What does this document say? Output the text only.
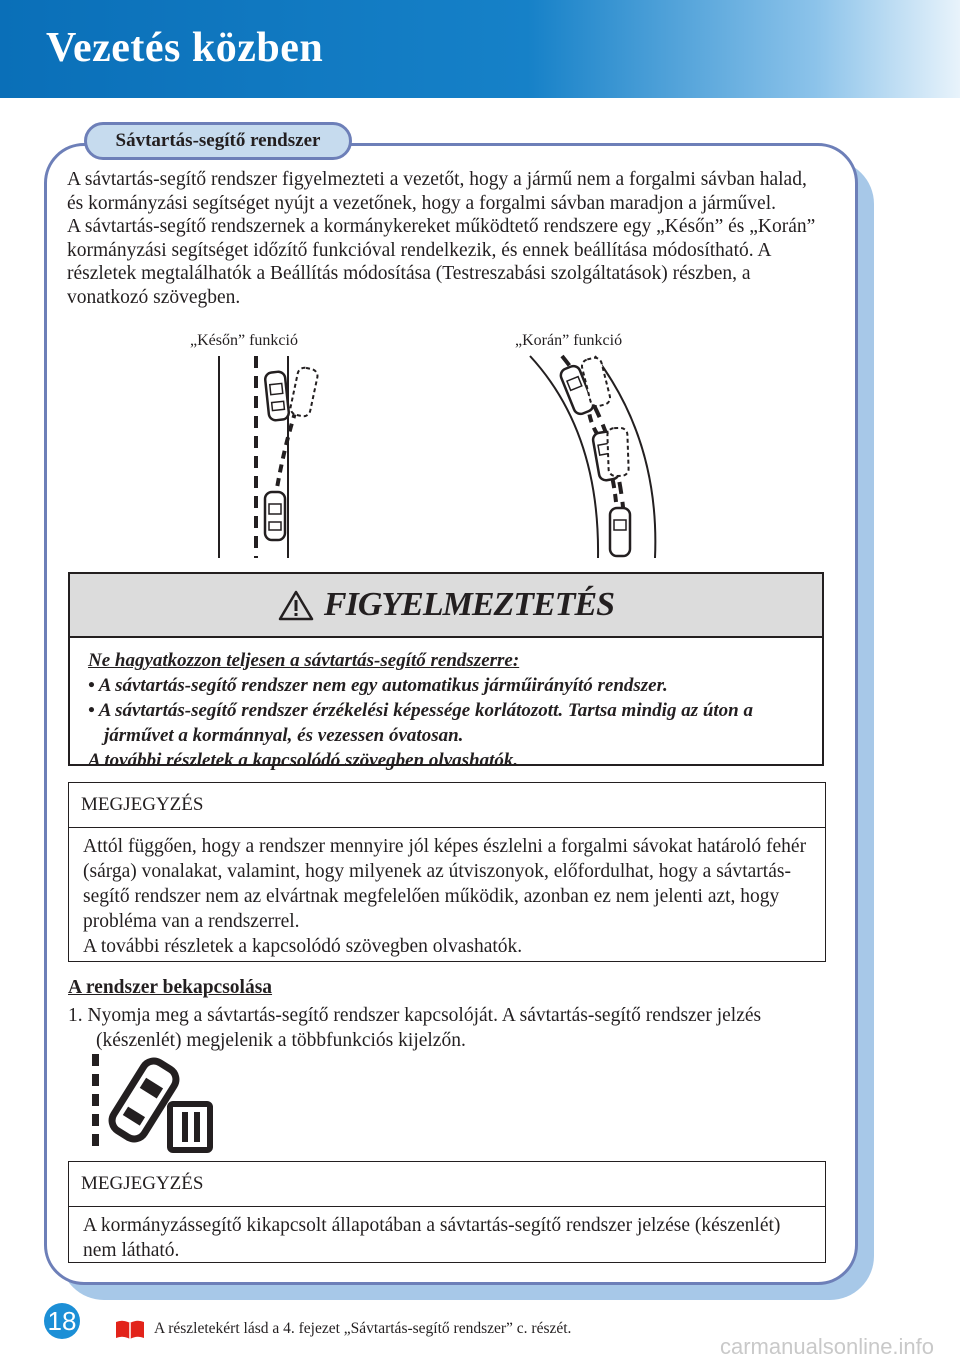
Vezetés közben
Sávtartás-segítő rendszer

A sávtartás-segítő rendszer figyelmezteti a vezetőt, hogy a jármű nem a forgalmi sávban halad, és kormányzási segítséget nyújt a vezetőnek, hogy a forgalmi sávban maradjon a járművel.

A sávtartás-segítő rendszernek a kormánykereket működtető rendszere egy „Későn” és „Korán” kormányzási segítséget időzítő funkcióval rendelkezik, és ennek beállítása módosítható. A részletek megtalálhatók a Beállítás módosítása (Testreszabási szolgáltatások) részben, a vonatkozó szövegben.

„Későn” funkció	„Korán” funkció
FIGYELMEZTETÉS
Ne hagyatkozzon teljesen a sávtartás-segítő rendszerre:
• A sávtartás-segítő rendszer nem egy automatikus járműirányító rendszer.
• A sávtartás-segítő rendszer érzékelési képessége korlátozott. Tartsa mindig az úton a járművet a kormánnyal, és vezessen óvatosan.
A további részletek a kapcsolódó szövegben olvashatók.
MEGJEGYZÉS

Attól függően, hogy a rendszer mennyire jól képes észlelni a forgalmi sávokat határoló fehér (sárga) vonalakat, valamint, hogy milyenek az útviszonyok, előfordulhat, hogy a sávtartás-segítő rendszer nem az elvártnak megfelelően működik, azonban ez nem jelenti azt, hogy probléma van a rendszerrel.

A további részletek a kapcsolódó szövegben olvashatók.

A rendszer bekapcsolása
1. Nyomja meg a sávtartás-segítő rendszer kapcsolóját. A sávtartás-segítő rendszer jelzés (készenlét) megjelenik a többfunkciós kijelzőn.
MEGJEGYZÉS

A kormányzássegítő kikapcsolt állapotában a sávtartás-segítő rendszer jelzése (készenlét) nem látható.

18	A részletekért lásd a 4. fejezet „Sávtartás-segítő rendszer” c. részét.
carmanualsonline.info
